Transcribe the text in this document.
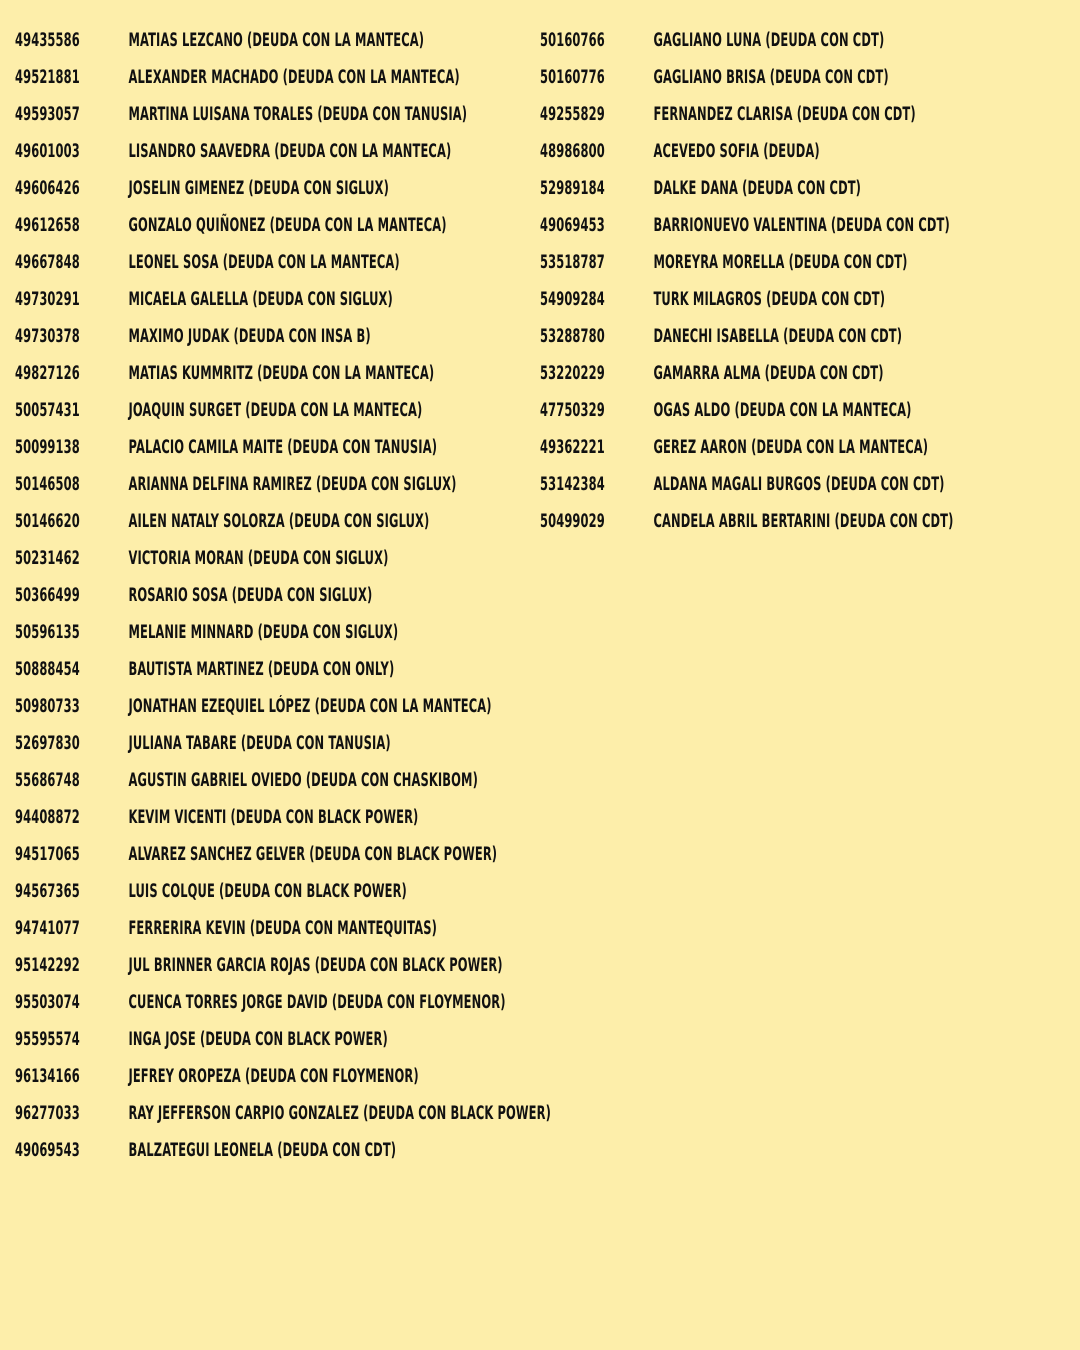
49435586	MATIAS LEZCANO (DEUDA CON LA MANTECA)
49521881	ALEXANDER MACHADO (DEUDA CON LA MANTECA)
49593057	MARTINA LUISANA TORALES (DEUDA CON TANUSIA)
49601003	LISANDRO SAAVEDRA (DEUDA CON LA MANTECA)
49606426	JOSELIN GIMENEZ (DEUDA CON SIGLUX)
49612658	GONZALO QUIÑONEZ (DEUDA CON LA MANTECA)
49667848	LEONEL SOSA (DEUDA CON LA MANTECA)
49730291	MICAELA GALELLA (DEUDA CON SIGLUX)
49730378	MAXIMO JUDAK (DEUDA CON INSA B)
49827126	MATIAS KUMMRITZ (DEUDA CON LA MANTECA)
50057431	JOAQUIN SURGET (DEUDA CON LA MANTECA)
50099138	PALACIO CAMILA MAITE (DEUDA CON TANUSIA)
50146508	ARIANNA DELFINA RAMIREZ (DEUDA CON SIGLUX)
50146620	AILEN NATALY SOLORZA (DEUDA CON SIGLUX)
50231462	VICTORIA MORAN (DEUDA CON SIGLUX)
50366499	ROSARIO SOSA (DEUDA CON SIGLUX)
50596135	MELANIE MINNARD (DEUDA CON SIGLUX)
50888454	BAUTISTA MARTINEZ (DEUDA CON ONLY)
50980733	JONATHAN EZEQUIEL LÓPEZ (DEUDA CON LA MANTECA)
52697830	JULIANA TABARE (DEUDA CON TANUSIA)
55686748	AGUSTIN GABRIEL OVIEDO (DEUDA CON CHASKIBOM)
94408872	KEVIM VICENTI (DEUDA CON BLACK POWER)
94517065	ALVAREZ SANCHEZ GELVER (DEUDA CON BLACK POWER)
94567365	LUIS COLQUE (DEUDA CON BLACK POWER)
94741077	FERRERIRA KEVIN (DEUDA CON MANTEQUITAS)
95142292	JUL BRINNER GARCIA ROJAS (DEUDA CON BLACK POWER)
95503074	CUENCA TORRES JORGE DAVID (DEUDA CON FLOYMENOR)
95595574	INGA JOSE (DEUDA CON BLACK POWER)
96134166	JEFREY OROPEZA (DEUDA CON FLOYMENOR)
96277033	RAY JEFFERSON CARPIO GONZALEZ (DEUDA CON BLACK POWER)
49069543	BALZATEGUI LEONELA (DEUDA CON CDT)
50160766	GAGLIANO LUNA (DEUDA CON CDT)
50160776	GAGLIANO BRISA (DEUDA CON CDT)
49255829	FERNANDEZ CLARISA (DEUDA CON CDT)
48986800	ACEVEDO SOFIA (DEUDA)
52989184	DALKE DANA (DEUDA CON CDT)
49069453	BARRIONUEVO VALENTINA (DEUDA CON CDT)
53518787	MOREYRA MORELLA (DEUDA CON CDT)
54909284	TURK MILAGROS (DEUDA CON CDT)
53288780	DANECHI ISABELLA (DEUDA CON CDT)
53220229	GAMARRA ALMA (DEUDA CON CDT)
47750329	OGAS ALDO (DEUDA CON LA MANTECA)
49362221	GEREZ AARON (DEUDA CON LA MANTECA)
53142384	ALDANA MAGALI BURGOS (DEUDA CON CDT)
50499029	CANDELA ABRIL BERTARINI (DEUDA CON CDT)
